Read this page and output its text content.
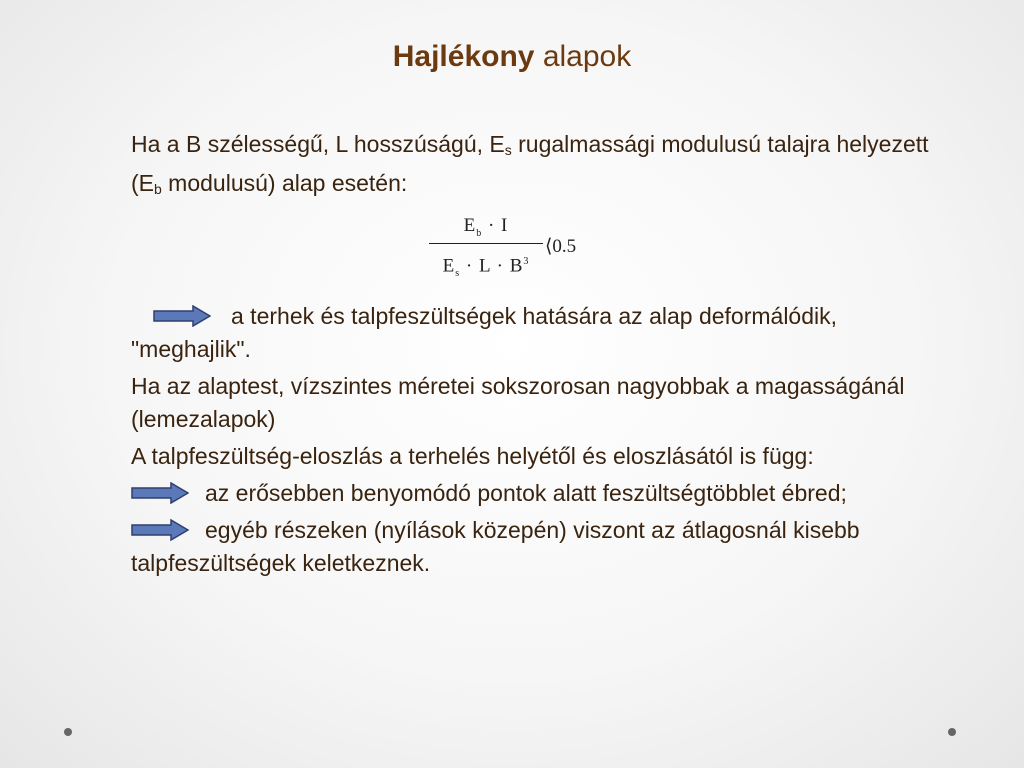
Hajlékony alapok

Ha a B szélességű, L hosszúságú, $E_s$ rugalmassági modulusú talajra helyezett ($E_b$ modulusú) alap esetén:

$E_b \cdot I$
$E_s \cdot L \cdot B^3$
⟨0.5

a terhek és talpfeszültségek hatására az alap deformálódik, "meghajlik".

Ha az alaptest, vízszintes méretei sokszorosan nagyobbak a magasságánál (lemezalapok)

A talpfeszültség-eloszlás a terhelés helyétől és eloszlásától is függ:

az erősebben benyomódó pontok alatt feszültségtöbblet ébred;

egyéb részeken (nyílások közepén) viszont az átlagosnál kisebb talpfeszültségek keletkeznek.
